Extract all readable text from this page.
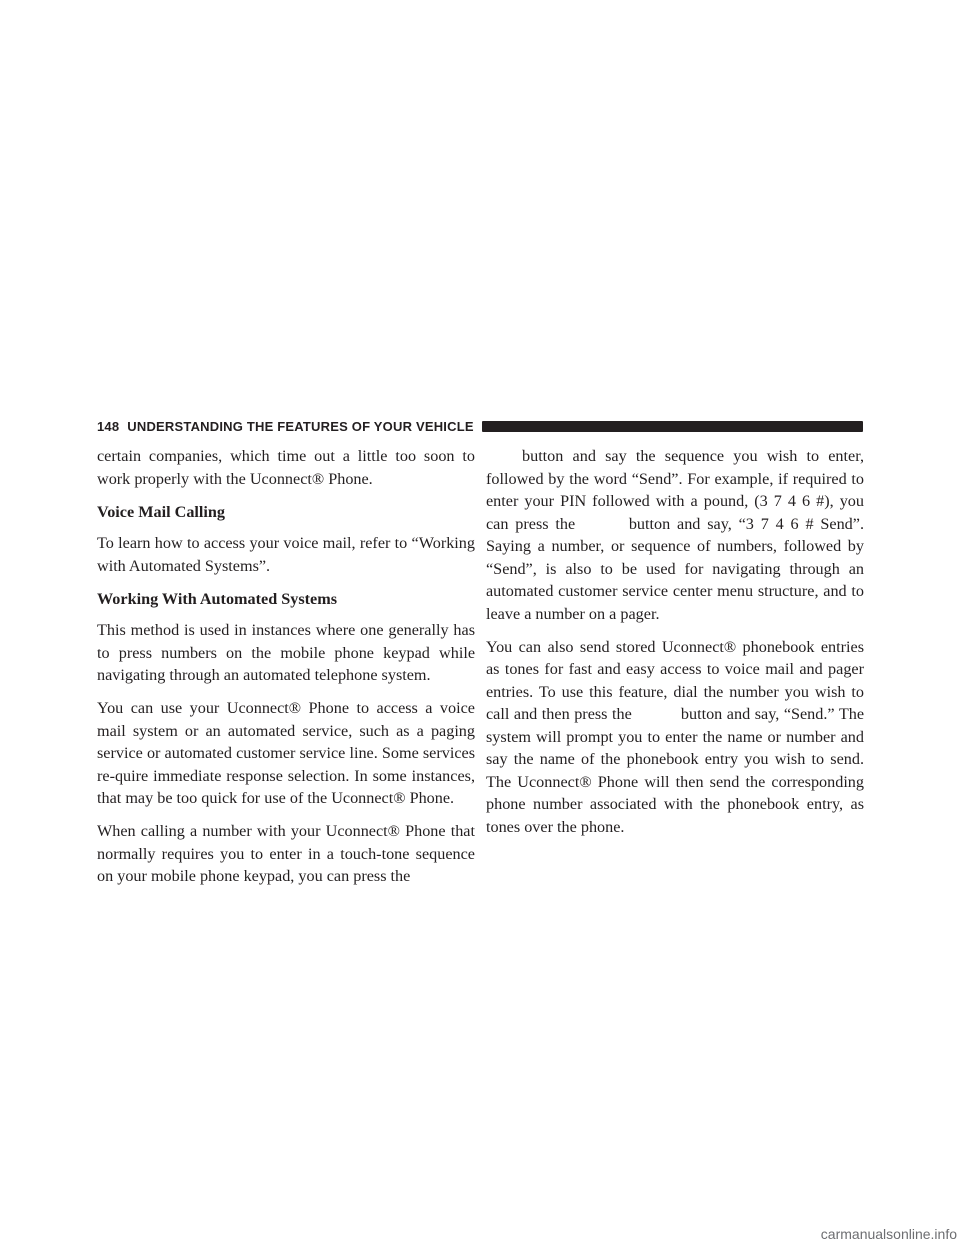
148 UNDERSTANDING THE FEATURES OF YOUR VEHICLE

certain companies, which time out a little too soon to work properly with the Uconnect® Phone.

Voice Mail Calling

To learn how to access your voice mail, refer to “Working with Automated Systems”.

Working With Automated Systems

This method is used in instances where one generally has to press numbers on the mobile phone keypad while navigating through an automated telephone system.

You can use your Uconnect® Phone to access a voice mail system or an automated service, such as a paging service or automated customer service line. Some services re-quire immediate response selection. In some instances, that may be too quick for use of the Uconnect® Phone.

When calling a number with your Uconnect® Phone that normally requires you to enter in a touch-tone sequence on your mobile phone keypad, you can press the

button and say the sequence you wish to enter, followed by the word “Send”. For example, if required to enter your PIN followed with a pound, (3 7 4 6 #), you can press the	button and say, “3 7 4 6 # Send”. Saying a number, or sequence of numbers, followed by “Send”, is also to be used for navigating through an automated customer service center menu structure, and to leave a number on a pager.

You can also send stored Uconnect® phonebook entries as tones for fast and easy access to voice mail and pager entries. To use this feature, dial the number you wish to call and then press the	button and say, “Send.” The system will prompt you to enter the name or number and say the name of the phonebook entry you wish to send. The Uconnect® Phone will then send the corresponding phone number associated with the phonebook entry, as tones over the phone.

carmanualsonline.info
